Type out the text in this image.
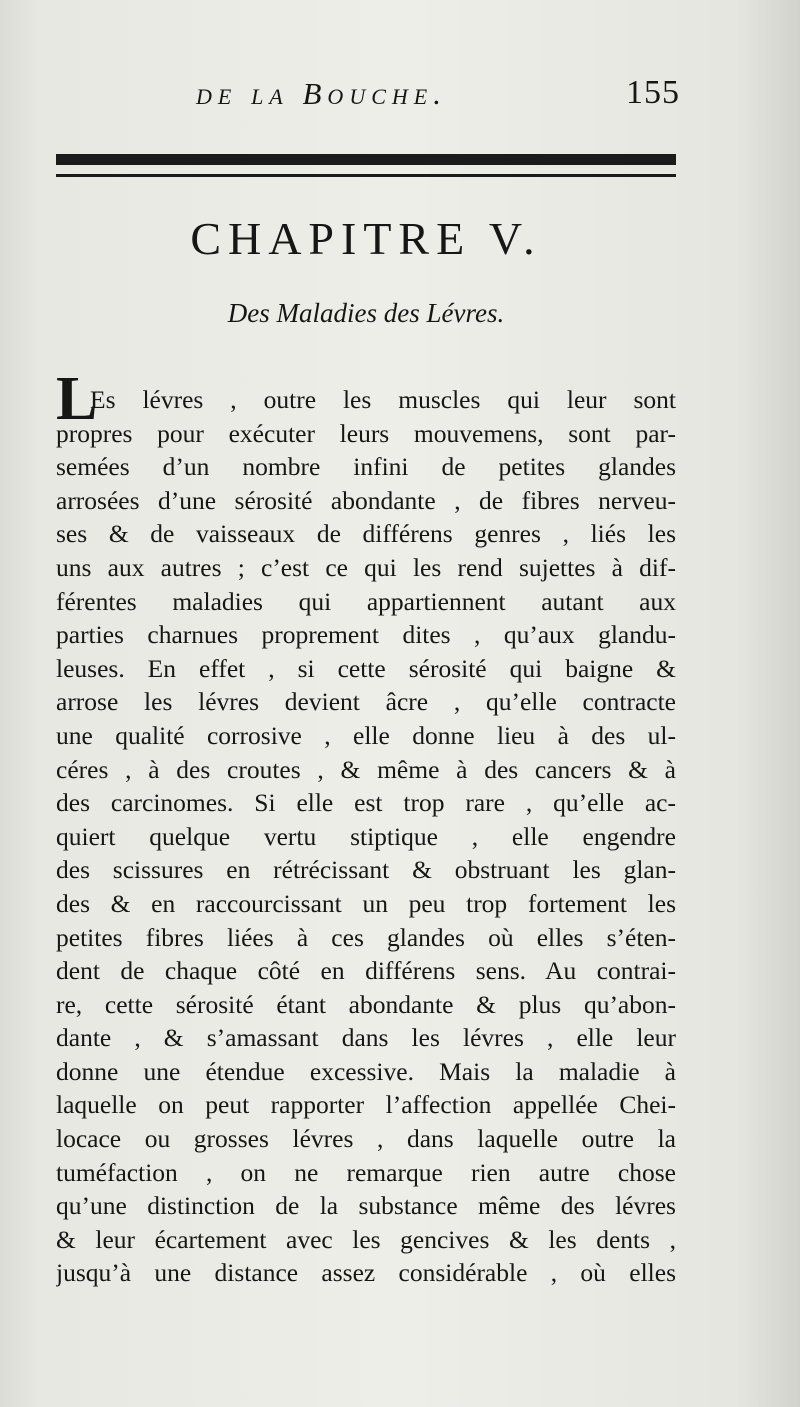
de la Bouche.	155
CHAPITRE V.
Des Maladies des Lévres.
L
Es lévres , outre les muscles qui leur sont
propres pour exécuter leurs mouvemens, sont par-
semées d’un nombre infini de petites glandes
arrosées d’une sérosité abondante , de fibres nerveu-
ses & de vaisseaux de différens genres , liés les
uns aux autres ; c’est ce qui les rend sujettes à dif-
férentes maladies qui appartiennent autant aux
parties charnues proprement dites , qu’aux glandu-
leuses. En effet , si cette sérosité qui baigne &
arrose les lévres devient âcre , qu’elle contracte
une qualité corrosive , elle donne lieu à des ul-
céres , à des croutes , & même à des cancers & à
des carcinomes. Si elle est trop rare , qu’elle ac-
quiert quelque vertu stiptique , elle engendre
des scissures en rétrécissant & obstruant les glan-
des & en raccourcissant un peu trop fortement les
petites fibres liées à ces glandes où elles s’éten-
dent de chaque côté en différens sens. Au contrai-
re, cette sérosité étant abondante & plus qu’abon-
dante , & s’amassant dans les lévres , elle leur
donne une étendue excessive. Mais la maladie à
laquelle on peut rapporter l’affection appellée Chei-
locace ou grosses lévres , dans laquelle outre la
tuméfaction , on ne remarque rien autre chose
qu’une distinction de la substance même des lévres
& leur écartement avec les gencives & les dents ,
jusqu’à une distance assez considérable , où elles
